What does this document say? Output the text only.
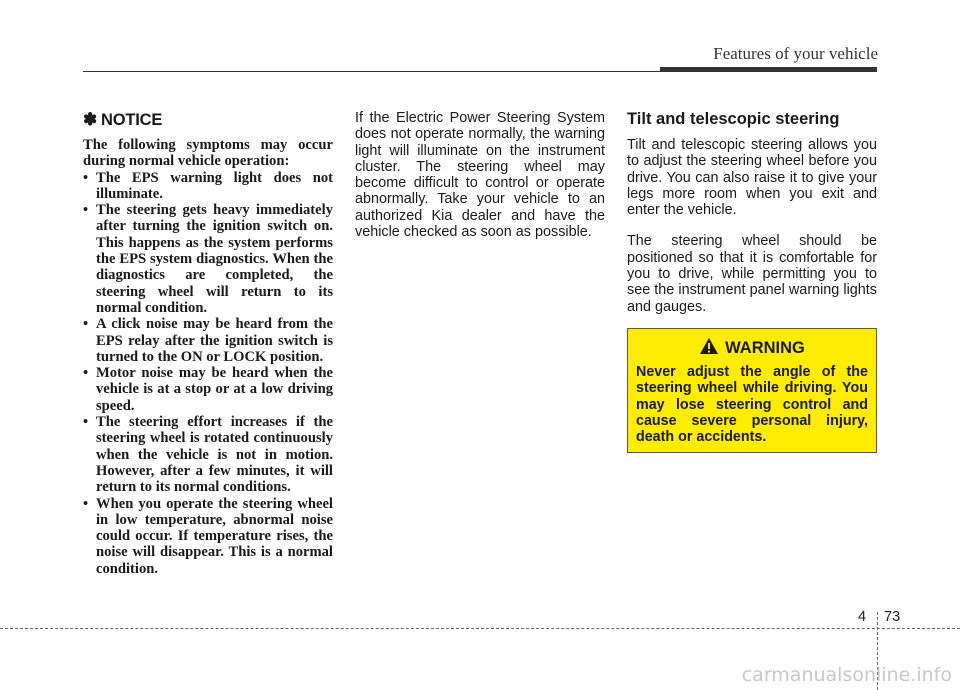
Features of your vehicle
✽ NOTICE

The following symptoms may occur during normal vehicle operation:

• The EPS warning light does not illuminate.
• The steering gets heavy immediately after turning the ignition switch on. This happens as the system performs the EPS system diagnostics. When the diagnostics are completed, the steering wheel will return to its normal condition.
• A click noise may be heard from the EPS relay after the ignition switch is turned to the ON or LOCK position.
• Motor noise may be heard when the vehicle is at a stop or at a low driving speed.
• The steering effort increases if the steering wheel is rotated continuously when the vehicle is not in motion. However, after a few minutes, it will return to its normal conditions.
• When you operate the steering wheel in low temperature, abnormal noise could occur. If temperature rises, the noise will disappear. This is a normal condition.

If the Electric Power Steering System does not operate normally, the warning light will illuminate on the instrument cluster. The steering wheel may become difficult to control or operate abnormally. Take your vehicle to an authorized Kia dealer and have the vehicle checked as soon as possible.

Tilt and telescopic steering

Tilt and telescopic steering allows you to adjust the steering wheel before you drive. You can also raise it to give your legs more room when you exit and enter the vehicle.

The steering wheel should be positioned so that it is comfortable for you to drive, while permitting you to see the instrument panel warning lights and gauges.

WARNING

Never adjust the angle of the steering wheel while driving. You may lose steering control and cause severe personal injury, death or accidents.

4 73
carmanualsonline.info
